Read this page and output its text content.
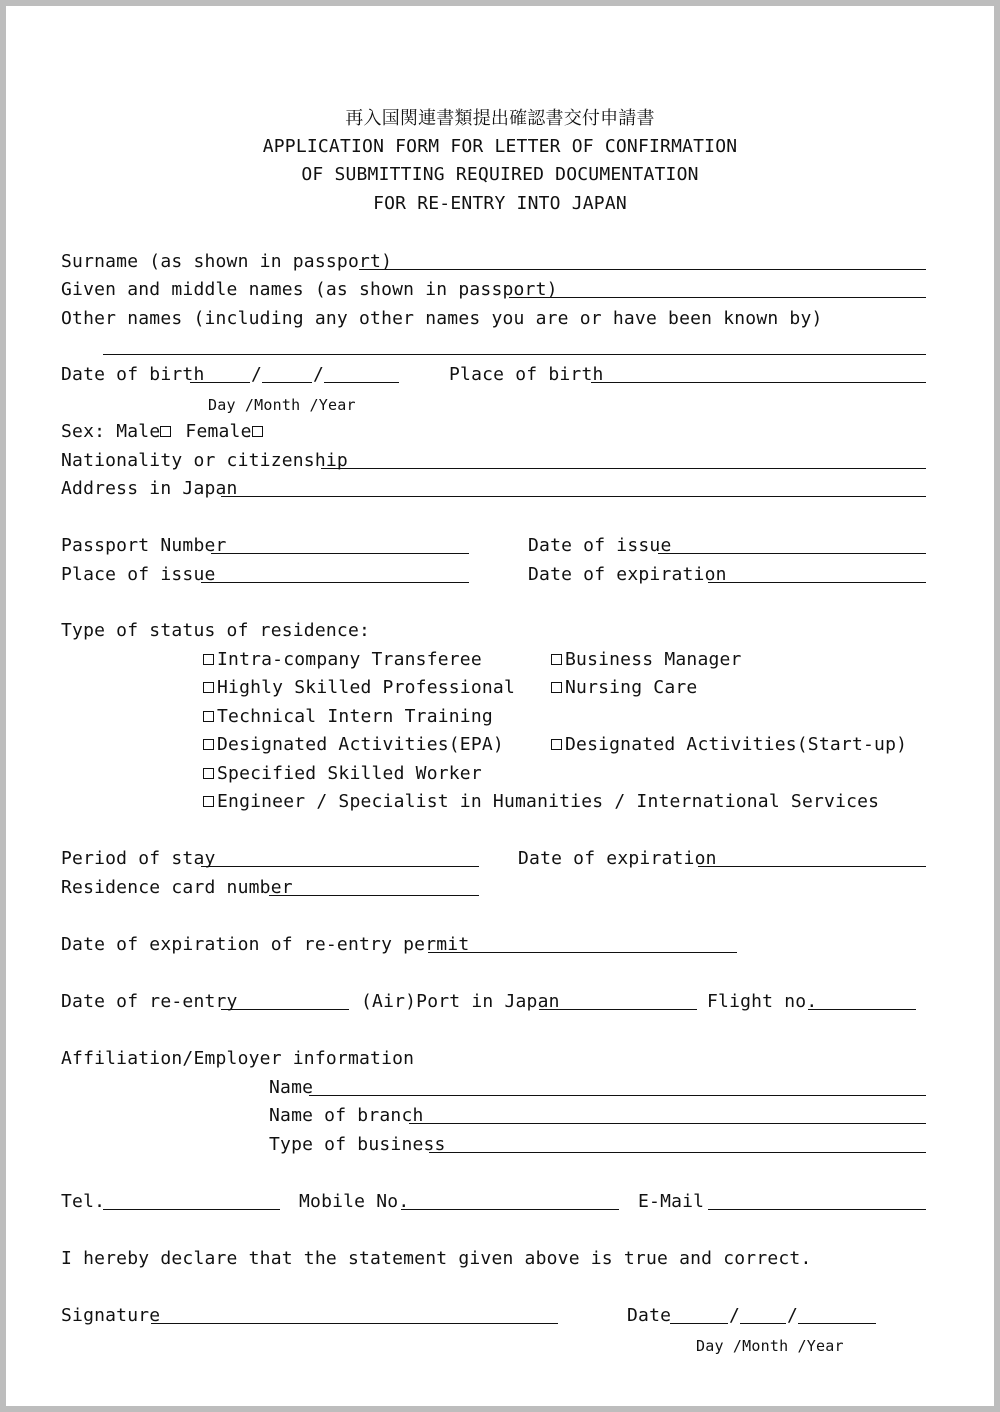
再入国関連書類提出確認書交付申請書
APPLICATION FORM FOR LETTER OF CONFIRMATION
OF SUBMITTING REQUIRED DOCUMENTATION
FOR RE-ENTRY INTO JAPAN
Surname (as shown in passport)
Given and middle names (as shown in passport)
Other names (including any other names you are or have been known by)
Date of birth	/	/
Day /Month /Year
Place of birth
Sex: Male Female
Nationality or citizenship
Address in Japan
Passport Number	Date of issue
Place of issue	Date of expiration
Type of status of residence:
Intra-company Transferee	Business Manager
Highly Skilled Professional	Nursing Care
Technical Intern Training
Designated Activities(EPA)	Designated Activities(Start-up)
Specified Skilled Worker
Engineer / Specialist in Humanities / International Services
Period of stay	Date of expiration
Residence card number
Date of expiration of re-entry permit
Date of re-entry	(Air)Port in Japan	Flight no.
Affiliation/Employer information
Name
Name of branch
Type of business
Tel.	Mobile No.	E-Mail
I hereby declare that the statement given above is true and correct.
Signature	Date	/	/
Day /Month /Year
